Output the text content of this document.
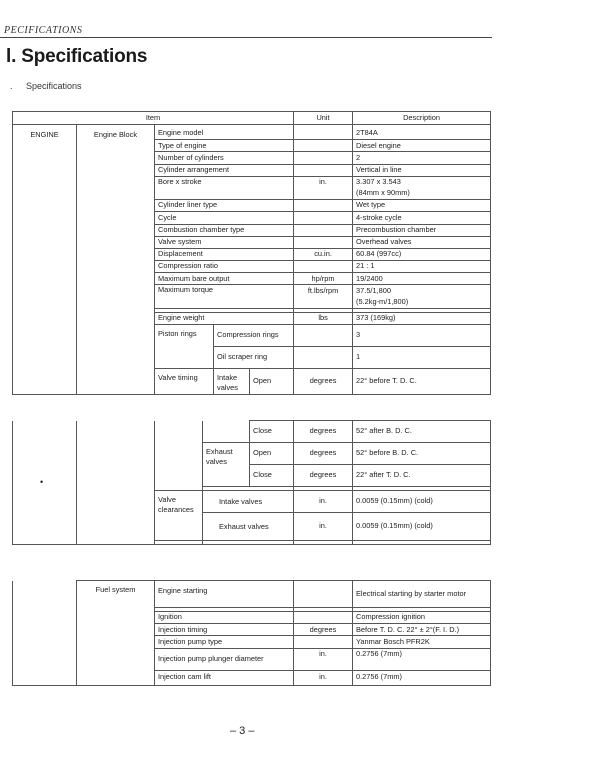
PECIFICATIONS
l. Specifications
. Specifications
Item					Unit	Description

ENGINE	Engine Block	Engine model				2T84A
		Type of engine				Diesel engine
		Number of cylinders				2
		Cylinder arrangement				Vertical in line
		Bore x stroke			in.	3.307 x 3.543
						(84mm x 90mm)
		Cylinder liner type				Wet type
		Cycle				4-stroke cycle
		Combustion chamber type				Precombustion chamber
		Valve system				Overhead valves
		Displacement			cu.in.	60.84 (997cc)
		Compression ratio				21 : 1
		Maximum bare output			hp/rpm	19/2400
		Maximum torque			ft.lbs/rpm	37.5/1,800
						(5.2kg-m/1,800)

		Engine weight			lbs	373 (169kg)
		Piston rings	Compression rings			3
			Oil scraper ring			1
		Valve timing	Intake valves	Open	degrees	22° before T. D. C.
•				Close	degrees	52° after B. D. C.
			Exhaust valves	Open	degrees	52° before B. D. C.
				Close	degrees	22° after T. D. C.

		Valve clearances	Intake valves		in.	0.0059 (0.15mm) (cold)
			Exhaust valves		in.	0.0059 (0.15mm) (cold)

	Fuel system	Engine starting		Electrical starting by starter motor

		Ignition		Compression ignition
		Injection timing	degrees	Before T. D. C. 22° ± 2°(F. I. D.)
		Injection pump type		Yanmar Bosch PFR2K
		Injection pump plunger diameter	in.	0.2756 (7mm)
		Injection cam lift	in.	0.2756 (7mm)
– 3 –
